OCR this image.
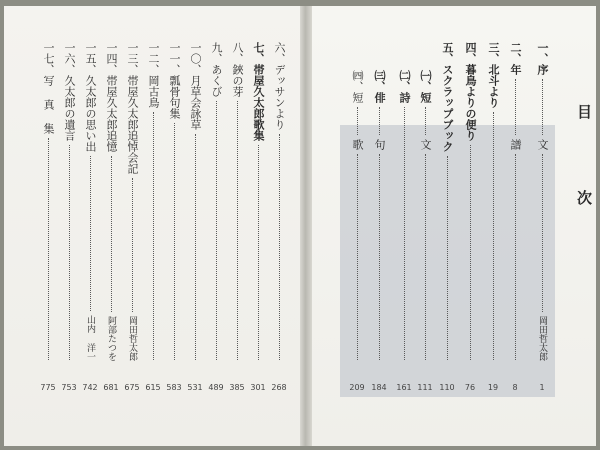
目
次
一、序
文
岡田哲太郎
二、年
譜
三、北斗より
四、暮鳥よりの便り
五、スクラップブック
㈠、短
文
㈡、詩
㈢、俳
句
㈣、短
歌
1
8
19
76
110
111
161
184
209
六、デッサンより
七、帯屋久太郎歌集
八、鋏の芽
九、あくび
一〇、月草会詠草
一一、瓢骨句集
一二、岡古鳥
一三、帯屋久太郎追悼会記
岡田哲太郎
一四、帯屋久太郎追憶
阿部たつを
一五、久太郎の思い出
山内 洋一
一六、久太郎の遺言
一七、写 真 集
268
301
385
489
531
583
615
675
681
742
753
775
